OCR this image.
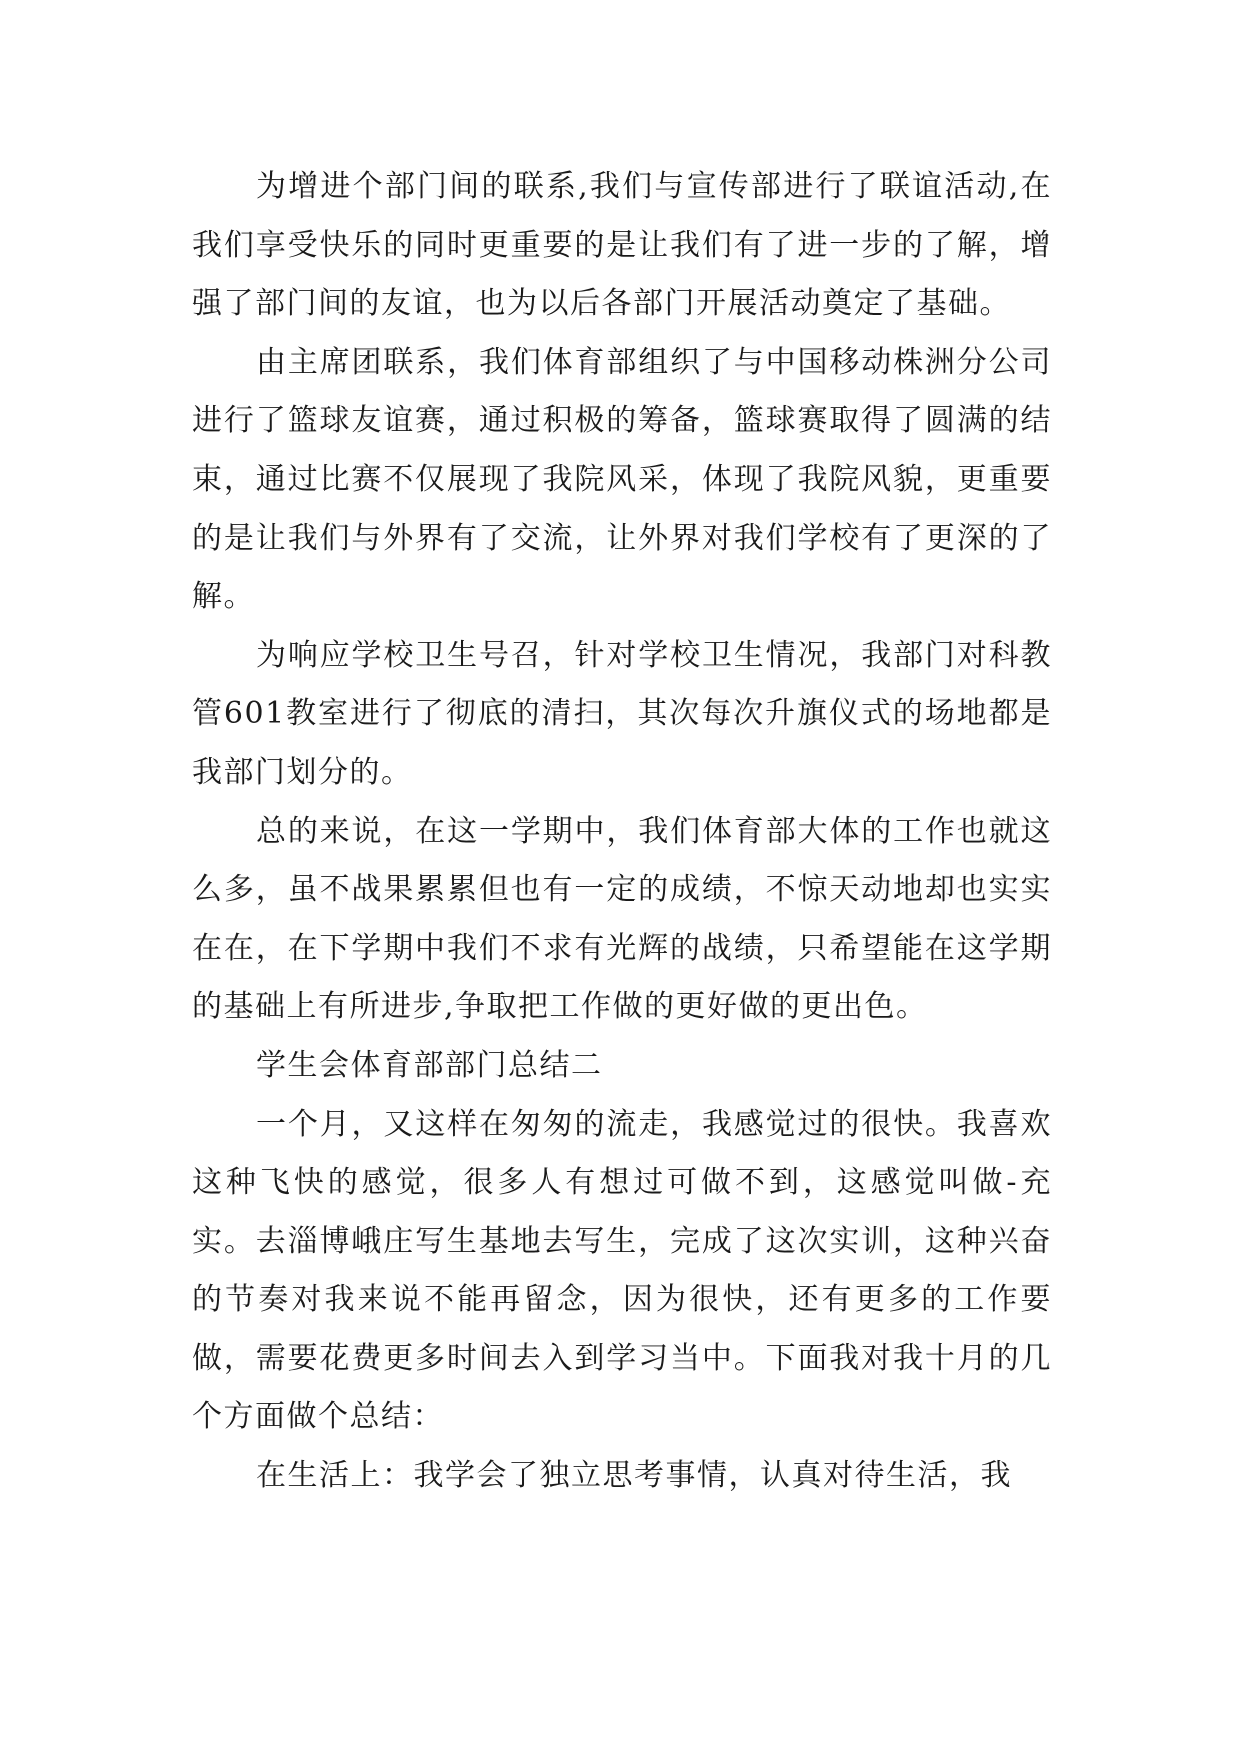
为增进个部门间的联系,我们与宣传部进行了联谊活动,在我们享受快乐的同时更重要的是让我们有了进一步的了解，增强了部门间的友谊，也为以后各部门开展活动奠定了基础。

由主席团联系，我们体育部组织了与中国移动株洲分公司进行了篮球友谊赛，通过积极的筹备，篮球赛取得了圆满的结束，通过比赛不仅展现了我院风采，体现了我院风貌，更重要的是让我们与外界有了交流，让外界对我们学校有了更深的了解。

为响应学校卫生号召，针对学校卫生情况，我部门对科教管601教室进行了彻底的清扫，其次每次升旗仪式的场地都是我部门划分的。

总的来说，在这一学期中，我们体育部大体的工作也就这么多，虽不战果累累但也有一定的成绩，不惊天动地却也实实在在，在下学期中我们不求有光辉的战绩，只希望能在这学期的基础上有所进步,争取把工作做的更好做的更出色。

学生会体育部部门总结二

一个月，又这样在匆匆的流走，我感觉过的很快。我喜欢这种飞快的感觉，很多人有想过可做不到，这感觉叫做-充实。去淄博峨庄写生基地去写生，完成了这次实训，这种兴奋的节奏对我来说不能再留念，因为很快，还有更多的工作要做，需要花费更多时间去入到学习当中。下面我对我十月的几个方面做个总结：

在生活上：我学会了独立思考事情，认真对待生活，我
